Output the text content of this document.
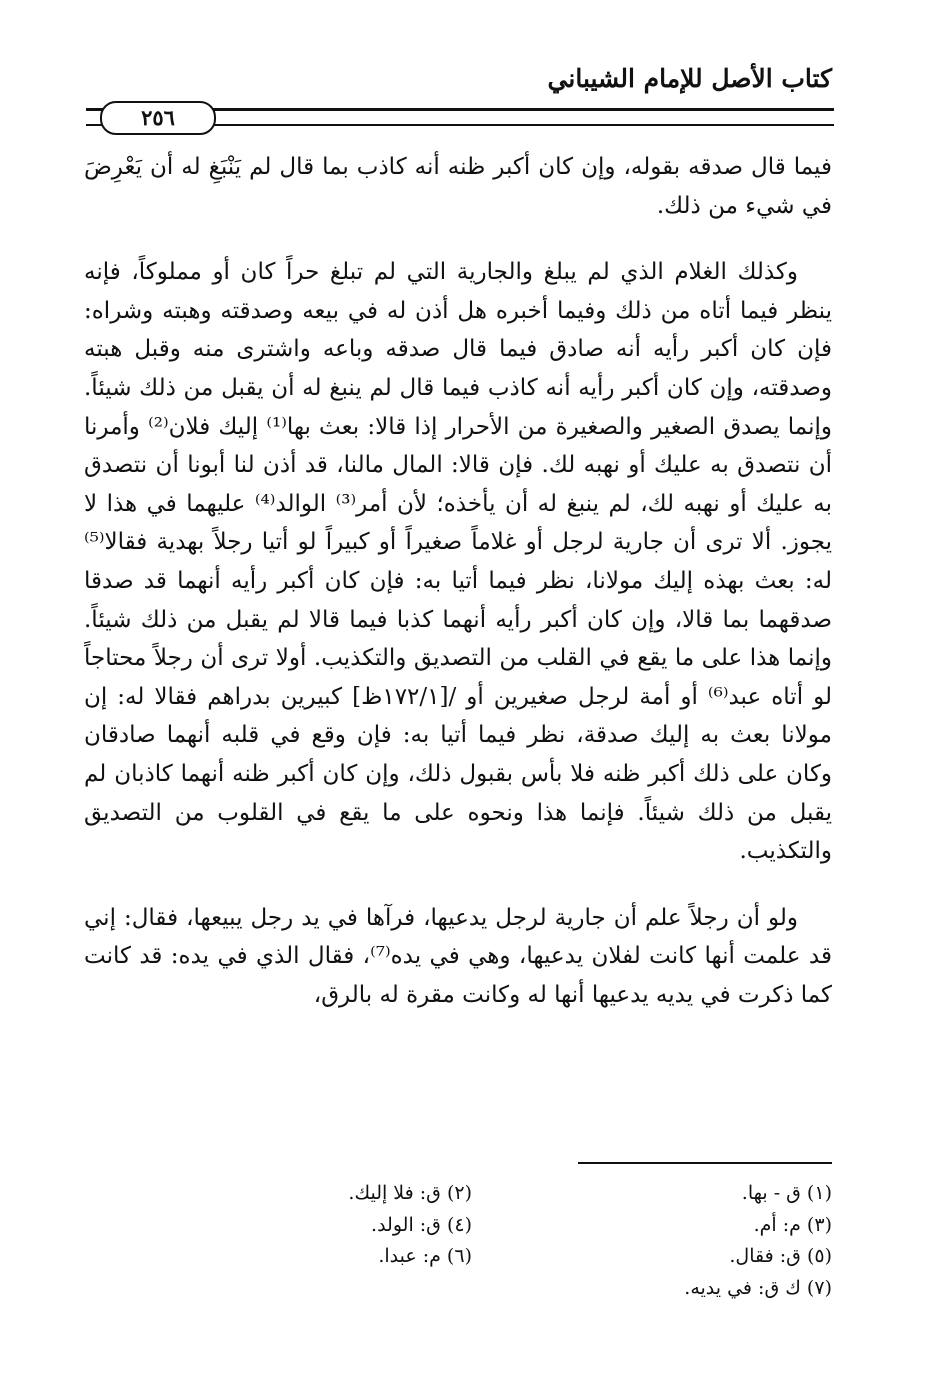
كتاب الأصل للإمام الشيباني
٢٥٦

فيما قال صدقه بقوله، وإن كان أكبر ظنه أنه كاذب بما قال لم يَنْبَغِ له أن يَعْرِضَ في شيء من ذلك.

وكذلك الغلام الذي لم يبلغ والجارية التي لم تبلغ حراً كان أو مملوكاً، فإنه ينظر فيما أتاه من ذلك وفيما أخبره هل أذن له في بيعه وصدقته وهبته وشراه: فإن كان أكبر رأيه أنه صادق فيما قال صدقه وباعه واشترى منه وقبل هبته وصدقته، وإن كان أكبر رأيه أنه كاذب فيما قال لم ينبغ له أن يقبل من ذلك شيئاً. وإنما يصدق الصغير والصغيرة من الأحرار إذا قالا: بعث بها⁽¹⁾ إليك فلان⁽²⁾ وأمرنا أن نتصدق به عليك أو نهبه لك. فإن قالا: المال مالنا، قد أذن لنا أبونا أن نتصدق به عليك أو نهبه لك، لم ينبغ له أن يأخذه؛ لأن أمر⁽³⁾ الوالد⁽⁴⁾ عليهما في هذا لا يجوز. ألا ترى أن جارية لرجل أو غلاماً صغيراً أو كبيراً لو أتيا رجلاً بهدية فقالا⁽⁵⁾ له: بعث بهذه إليك مولانا، نظر فيما أتيا به: فإن كان أكبر رأيه أنهما قد صدقا صدقهما بما قالا، وإن كان أكبر رأيه أنهما كذبا فيما قالا لم يقبل من ذلك شيئاً. وإنما هذا على ما يقع في القلب من التصديق والتكذيب. أولا ترى أن رجلاً محتاجاً لو أتاه عبد⁽⁶⁾ أو أمة لرجل صغيرين أو /[١٧٢/١ظ] كبيرين بدراهم فقالا له: إن مولانا بعث به إليك صدقة، نظر فيما أتيا به: فإن وقع في قلبه أنهما صادقان وكان على ذلك أكبر ظنه فلا بأس بقبول ذلك، وإن كان أكبر ظنه أنهما كاذبان لم يقبل من ذلك شيئاً. فإنما هذا ونحوه على ما يقع في القلوب من التصديق والتكذيب.

ولو أن رجلاً علم أن جارية لرجل يدعيها، فرآها في يد رجل يبيعها، فقال: إني قد علمت أنها كانت لفلان يدعيها، وهي في يده⁽⁷⁾، فقال الذي في يده: قد كانت كما ذكرت في يديه يدعيها أنها له وكانت مقرة له بالرق،

(١) ق - بها.
(٢) ق: فلا إليك.
(٣) م: أم.
(٤) ق: الولد.
(٥) ق: فقال.
(٦) م: عبدا.
(٧) ك ق: في يديه.
